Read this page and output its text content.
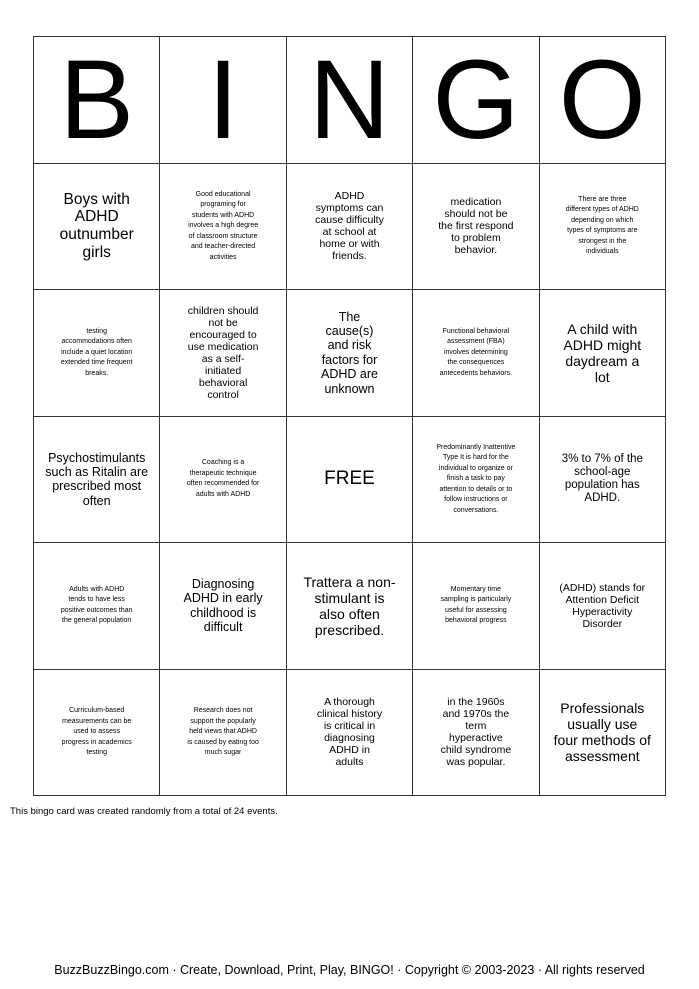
B I N G O
Boys with ADHD outnumber girls
Good educational programing for students with ADHD involves a high degree of classroom structure and teacher-directed activities
ADHD symptoms can cause difficulty at school at home or with friends.
medication should not be the first respond to problem behavior.
There are three different types of ADHD depending on which types of symptoms are strongest in the individuals
testing accommodations often include a quiet location extended time frequent breaks.
children should not be encouraged to use medication as a self-initiated behavioral control
The cause(s) and risk factors for ADHD are unknown
Functional behavioral assessment (FBA) involves determining the consequences antecedents behaviors.
A child with ADHD might daydream a lot
Psychostimulants such as Ritalin are prescribed most often
Coaching is a therapeutic technique often recommended for adults with ADHD
FREE
Predominantly Inattentive Type It is hard for the individual to organize or finish a task to pay attention to details or to follow instructions or conversations.
3% to 7% of the school-age population has ADHD.
Adults with ADHD tends to have less positive outcomes than the general population
Diagnosing ADHD in early childhood is difficult
Trattera a non-stimulant is also often prescribed.
Momentary time sampling is particularly useful for assessing behavioral progress
(ADHD) stands for Attention Deficit Hyperactivity Disorder
Curriculum-based measurements can be used to assess progress in academics testing
Research does not support the popularly held views that ADHD is caused by eating too much sugar
A thorough clinical history is critical in diagnosing ADHD in adults
in the 1960s and 1970s the term hyperactive child syndrome was popular.
Professionals usually use four methods of assessment
This bingo card was created randomly from a total of 24 events.
BuzzBuzzBingo.com · Create, Download, Print, Play, BINGO! · Copyright © 2003-2023 · All rights reserved
